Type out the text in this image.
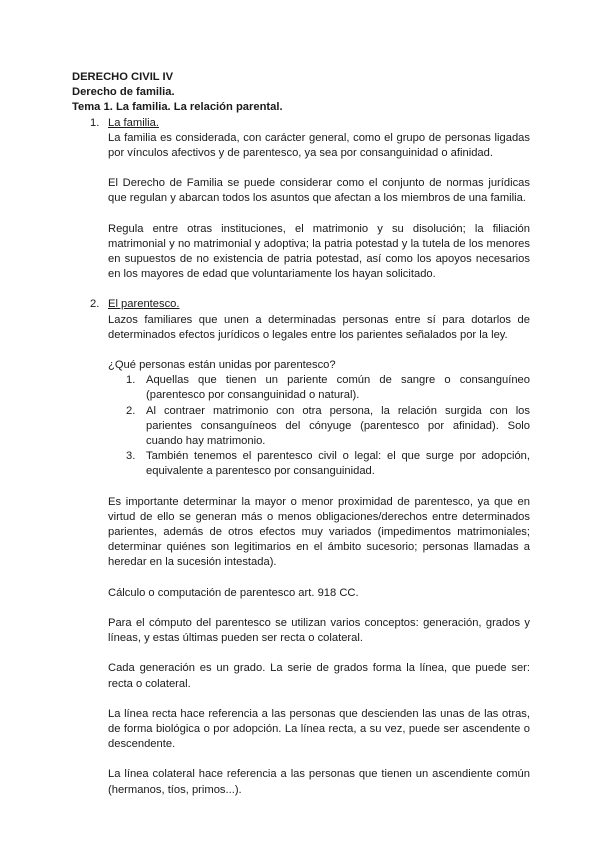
DERECHO CIVIL IV
Derecho de familia.
Tema 1. La familia. La relación parental.
1. La familia.

La familia es considerada, con carácter general, como el grupo de personas ligadas por vínculos afectivos y de parentesco, ya sea por consanguinidad o afinidad.

El Derecho de Familia se puede considerar como el conjunto de normas jurídicas que regulan y abarcan todos los asuntos que afectan a los miembros de una familia.

Regula entre otras instituciones, el matrimonio y su disolución; la filiación matrimonial y no matrimonial y adoptiva; la patria potestad y la tutela de los menores en supuestos de no existencia de patria potestad, así como los apoyos necesarios en los mayores de edad que voluntariamente los hayan solicitado.

2. El parentesco.

Lazos familiares que unen a determinadas personas entre sí para dotarlos de determinados efectos jurídicos o legales entre los parientes señalados por la ley.

¿Qué personas están unidas por parentesco?

1. Aquellas que tienen un pariente común de sangre o consanguíneo (parentesco por consanguinidad o natural).

2. Al contraer matrimonio con otra persona, la relación surgida con los parientes consanguíneos del cónyuge (parentesco por afinidad). Solo cuando hay matrimonio.

3. También tenemos el parentesco civil o legal: el que surge por adopción, equivalente a parentesco por consanguinidad.

Es importante determinar la mayor o menor proximidad de parentesco, ya que en virtud de ello se generan más o menos obligaciones/derechos entre determinados parientes, además de otros efectos muy variados (impedimentos matrimoniales; determinar quiénes son legitimarios en el ámbito sucesorio; personas llamadas a heredar en la sucesión intestada).

Cálculo o computación de parentesco art. 918 CC.

Para el cómputo del parentesco se utilizan varios conceptos: generación, grados y líneas, y estas últimas pueden ser recta o colateral.

Cada generación es un grado. La serie de grados forma la línea, que puede ser: recta o colateral.

La línea recta hace referencia a las personas que descienden las unas de las otras, de forma biológica o por adopción. La línea recta, a su vez, puede ser ascendente o descendente.

La línea colateral hace referencia a las personas que tienen un ascendiente común (hermanos, tíos, primos...).
